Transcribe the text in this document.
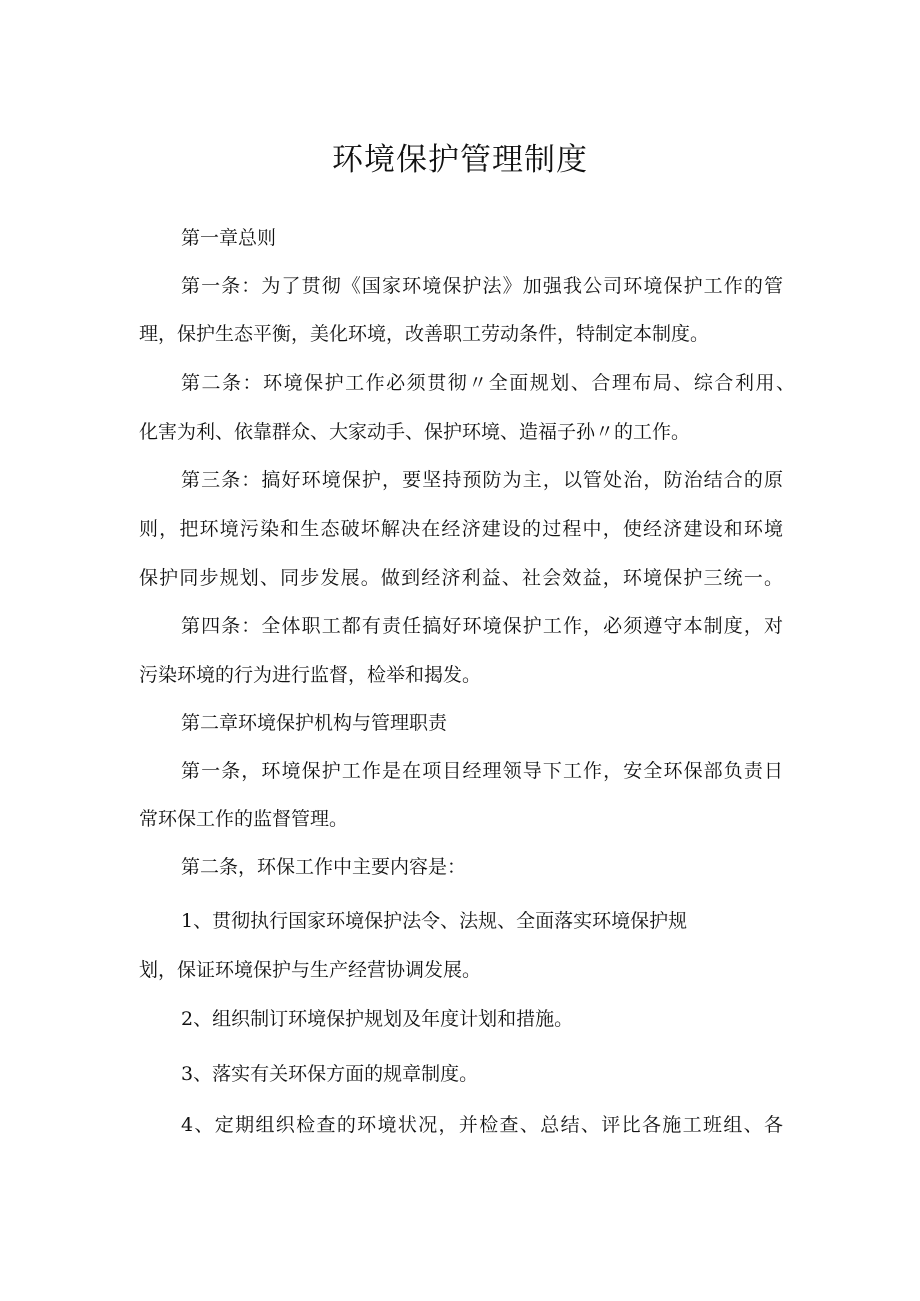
环境保护管理制度
第一章总则
第一条：为了贯彻《国家环境保护法》加强我公司环境保护工作的管
理，保护生态平衡，美化环境，改善职工劳动条件，特制定本制度。
第二条：环境保护工作必须贯彻〃全面规划、合理布局、综合利用、
化害为利、依靠群众、大家动手、保护环境、造福子孙〃的工作。
第三条：搞好环境保护，要坚持预防为主，以管处治，防治结合的原
则，把环境污染和生态破坏解决在经济建设的过程中，使经济建设和环境
保护同步规划、同步发展。做到经济利益、社会效益，环境保护三统一。
第四条：全体职工都有责任搞好环境保护工作，必须遵守本制度，对
污染环境的行为进行监督，检举和揭发。
第二章环境保护机构与管理职责
第一条，环境保护工作是在项目经理领导下工作，安全环保部负责日
常环保工作的监督管理。
第二条，环保工作中主要内容是：
1、贯彻执行国家环境保护法令、法规、全面落实环境保护规
划，保证环境保护与生产经营协调发展。
2、组织制订环境保护规划及年度计划和措施。
3、落实有关环保方面的规章制度。
4、定期组织检查的环境状况，并检查、总结、评比各施工班组、各
